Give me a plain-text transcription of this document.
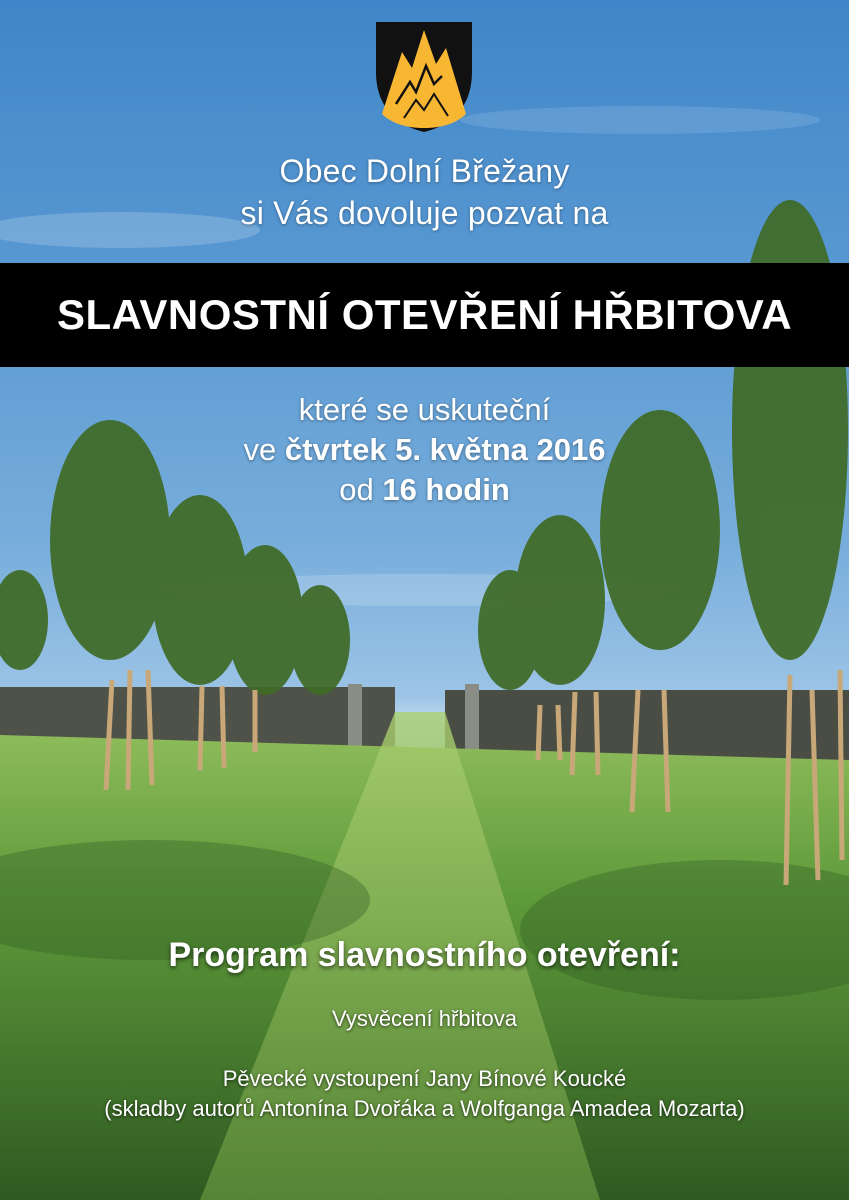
Obec Dolní Břežany
si Vás dovoluje pozvat na
SLAVNOSTNÍ OTEVŘENÍ HŘBITOVA
které se uskuteční
ve čtvrtek 5. května 2016
od 16 hodin
Program slavnostního otevření:
Vysvěcení hřbitova
Pěvecké vystoupení Jany Bínové Koucké
(skladby autorů Antonína Dvořáka a Wolfganga Amadea Mozarta)
